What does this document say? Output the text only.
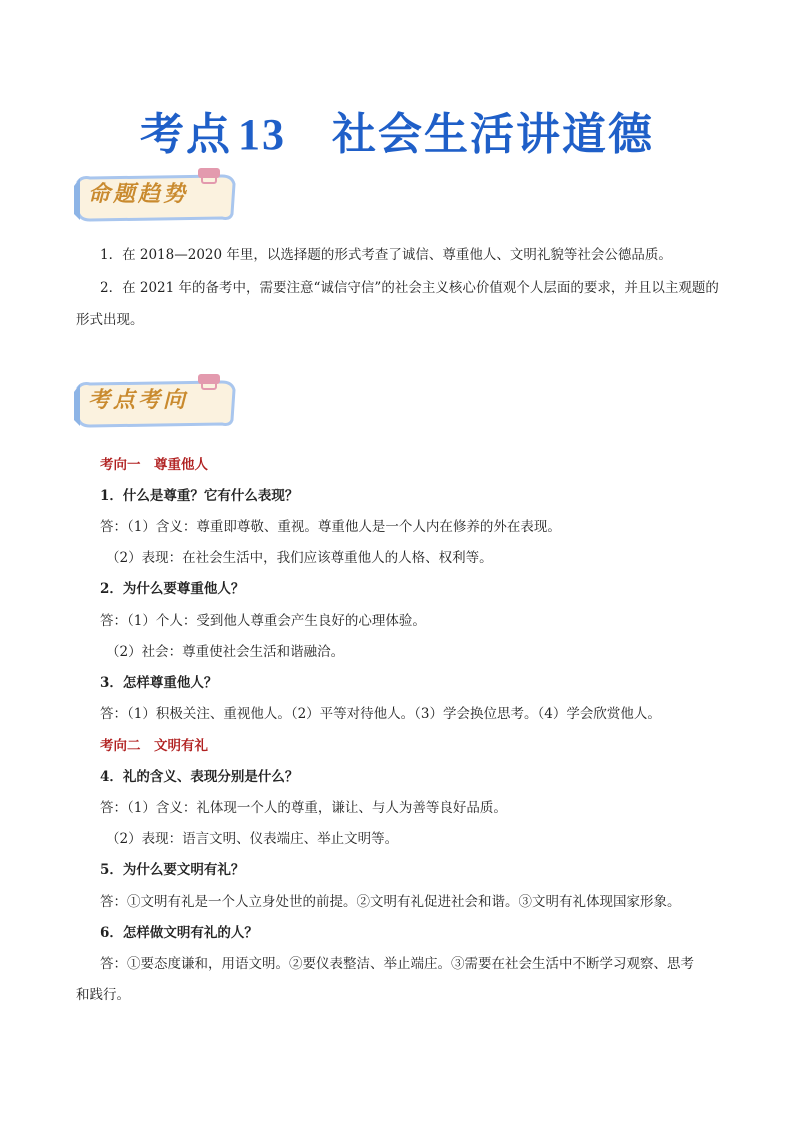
考点 13 社会生活讲道德
命题趋势
1．在 2018—2020 年里，以选择题的形式考查了诚信、尊重他人、文明礼貌等社会公德品质。
2．在 2021 年的备考中，需要注意“诚信守信”的社会主义核心价值观个人层面的要求，并且以主观题的
形式出现。
考点考向
考向一　尊重他人
1．什么是尊重？它有什么表现？
答：（1）含义：尊重即尊敬、重视。尊重他人是一个人内在修养的外在表现。
（2）表现：在社会生活中，我们应该尊重他人的人格、权利等。
2．为什么要尊重他人？
答：（1）个人：受到他人尊重会产生良好的心理体验。
（2）社会：尊重使社会生活和谐融洽。
3．怎样尊重他人？
答：（1）积极关注、重视他人。（2）平等对待他人。（3）学会换位思考。（4）学会欣赏他人。
考向二　文明有礼
4．礼的含义、表现分别是什么？
答：（1）含义：礼体现一个人的尊重，谦让、与人为善等良好品质。
（2）表现：语言文明、仪表端庄、举止文明等。
5．为什么要文明有礼？
答：①文明有礼是一个人立身处世的前提。②文明有礼促进社会和谐。③文明有礼体现国家形象。
6．怎样做文明有礼的人？
答：①要态度谦和，用语文明。②要仪表整洁、举止端庄。③需要在社会生活中不断学习观察、思考
和践行。
